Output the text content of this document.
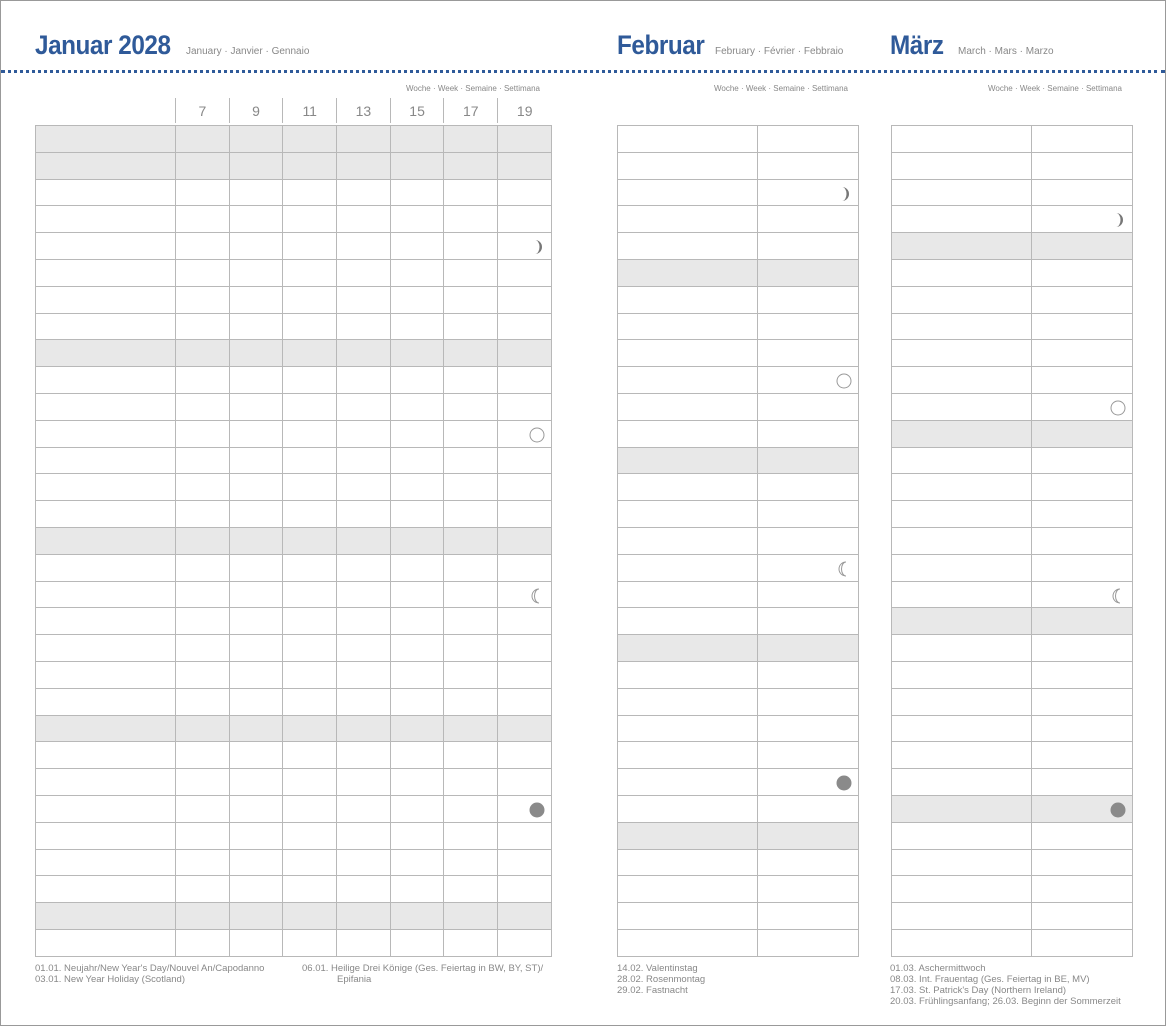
Januar 2028 January · Janvier · Gennaio
Woche · Week · Semaine · Settimana
Februar February · Février · Febbraio
Woche · Week · Semaine · Settimana
März March · Mars · Marzo
Woche · Week · Semaine · Settimana
7	9	11	13	15	17	19

01.01. Neujahr/New Year's Day/Nouvel An/Capodanno
03.01. New Year Holiday (Scotland)
06.01. Heilige Drei Könige (Ges. Feiertag in BW, BY, ST)/
Epifania
14.02. Valentinstag
28.02. Rosenmontag
29.02. Fastnacht
01.03. Aschermittwoch
08.03. Int. Frauentag (Ges. Feiertag in BE, MV)
17.03. St. Patrick's Day (Northern Ireland)
20.03. Frühlingsanfang; 26.03. Beginn der Sommerzeit
